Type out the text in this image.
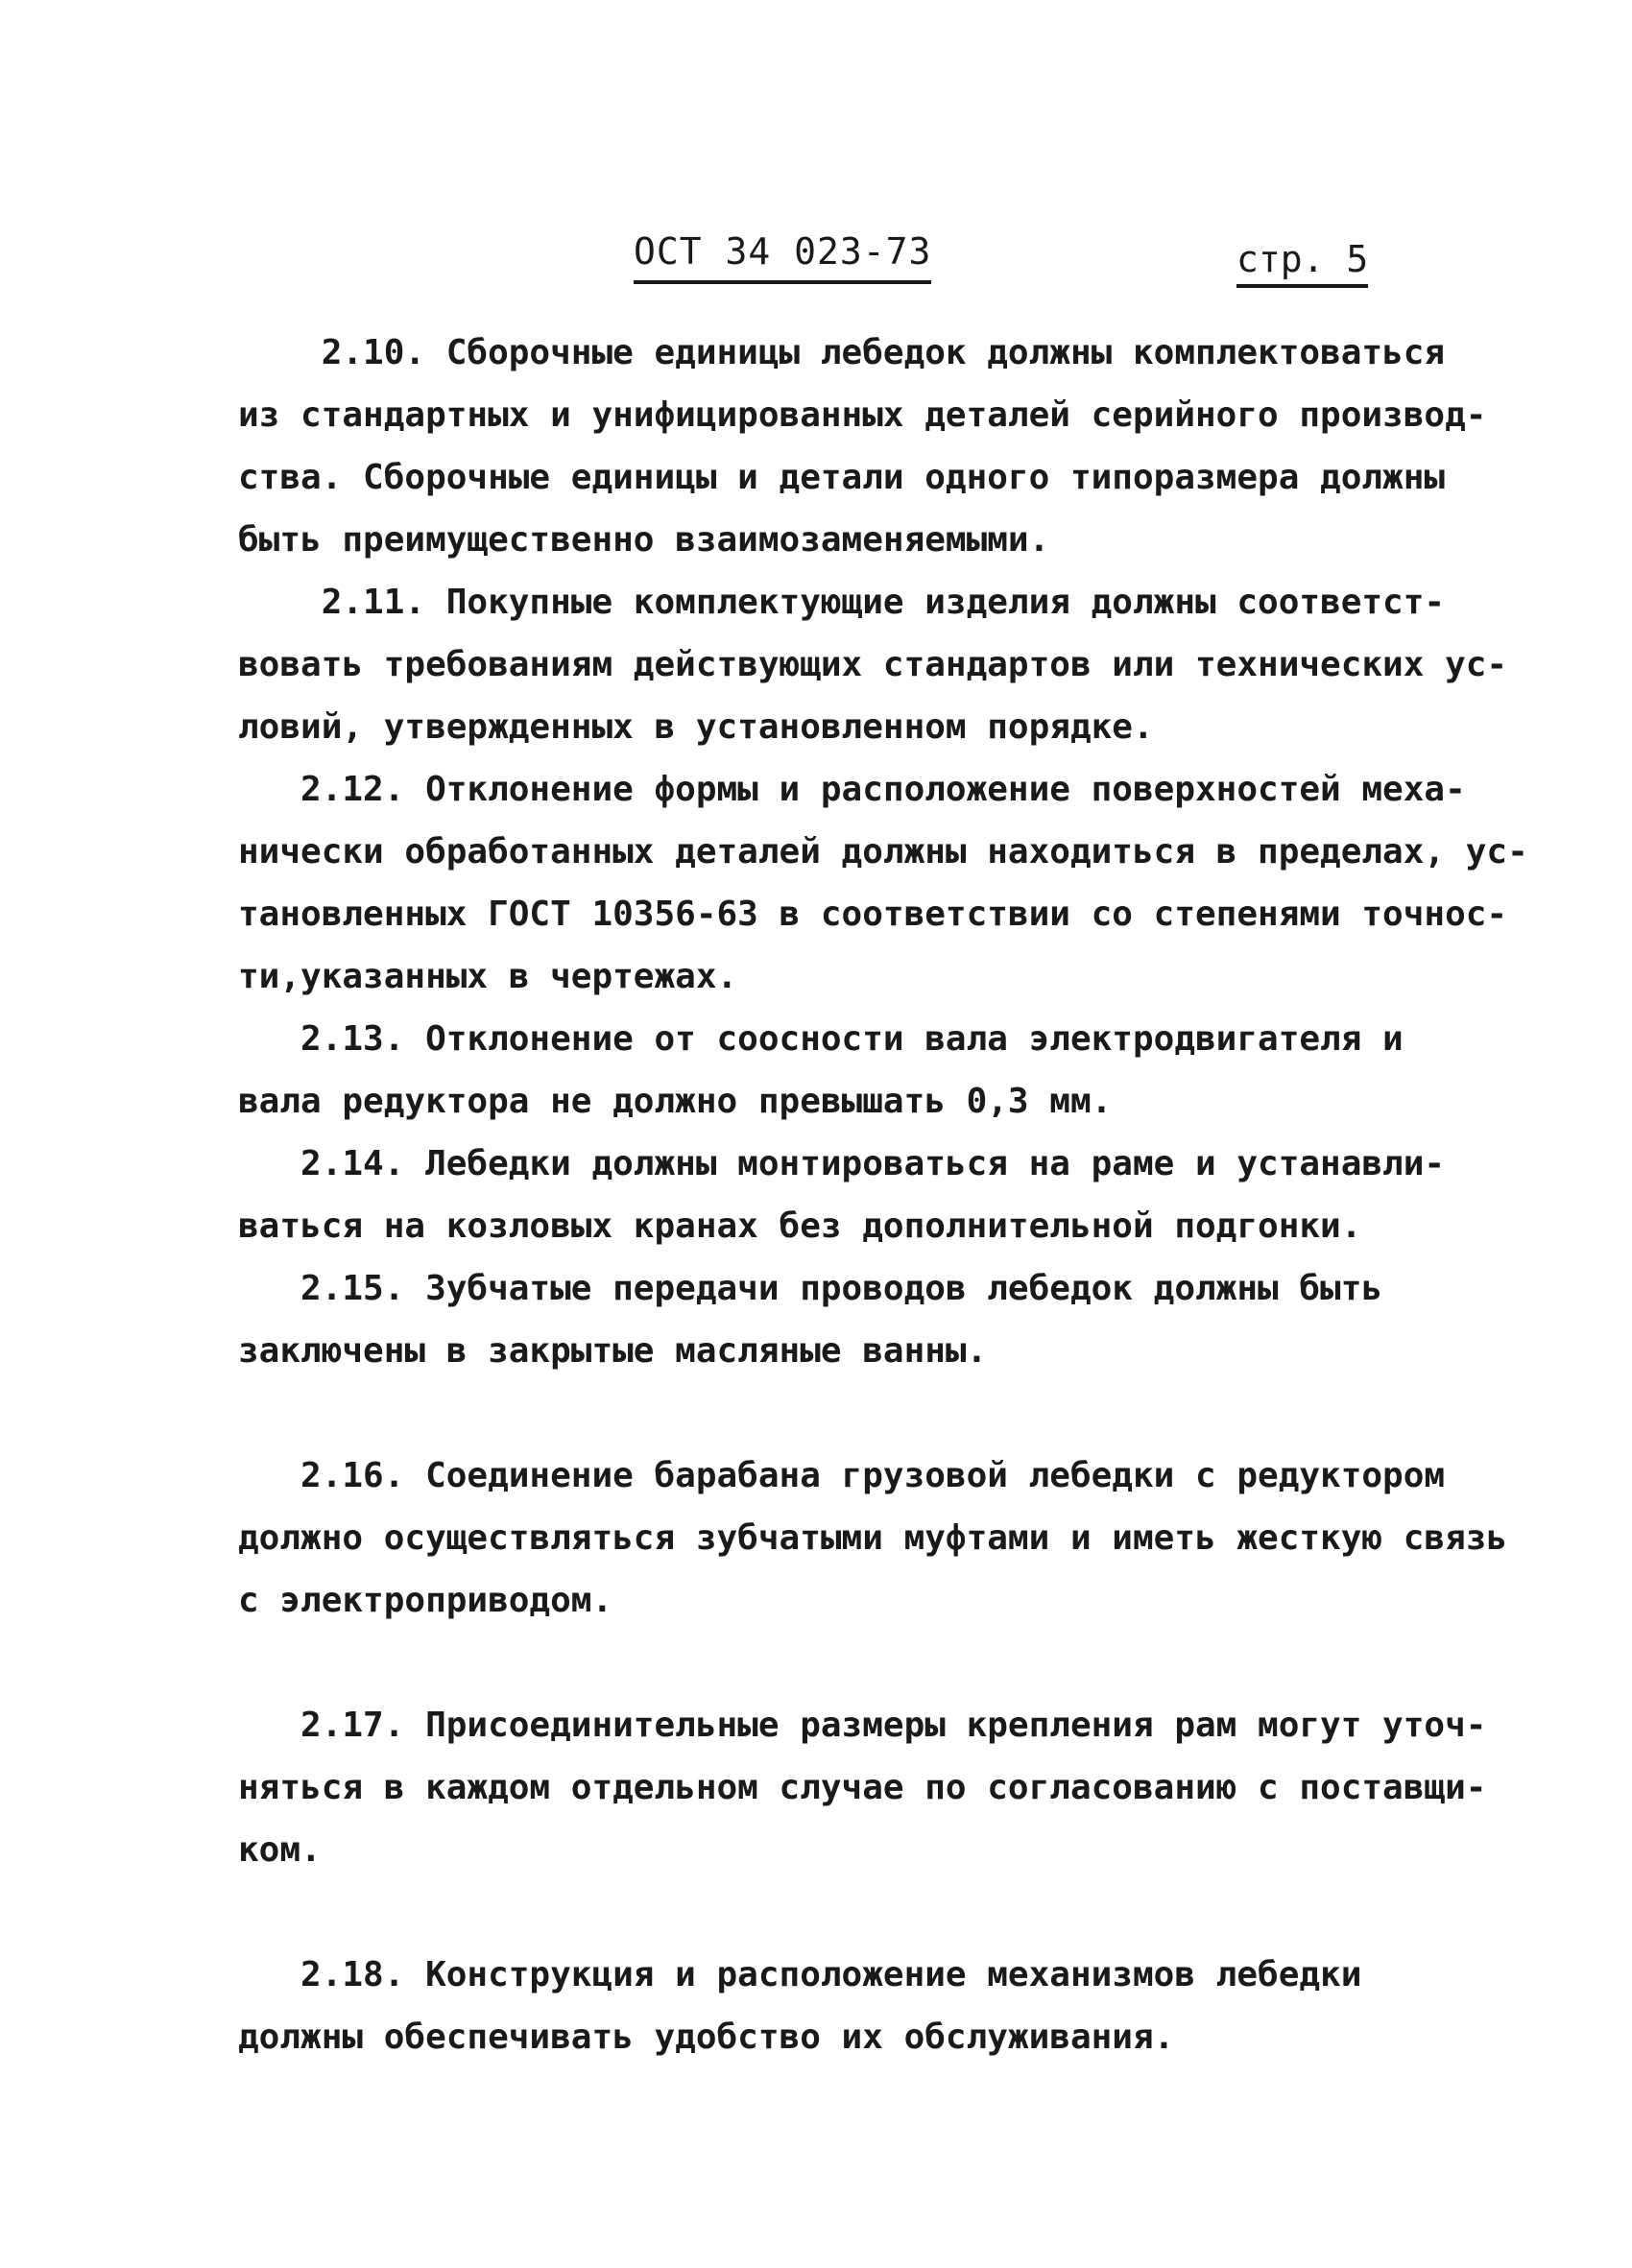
ОСТ 34 023-73	стр. 5
2.10. Сборочные единицы лебедок должны комплектоваться
из стандартных и унифицированных деталей серийного производ-
ства. Сборочные единицы и детали одного типоразмера должны
быть преимущественно взаимозаменяемыми.
2.11. Покупные комплектующие изделия должны соответст-
вовать требованиям действующих стандартов или технических ус-
ловий, утвержденных в установленном порядке.
2.12. Отклонение формы и расположение поверхностей меха-
нически обработанных деталей должны находиться в пределах, ус-
тановленных ГОСТ 10356-63 в соответствии со степенями точнос-
ти,указанных в чертежах.
2.13. Отклонение от соосности вала электродвигателя и
вала редуктора не должно превышать 0,3 мм.
2.14. Лебедки должны монтироваться на раме и устанавли-
ваться на козловых кранах без дополнительной подгонки.
2.15. Зубчатые передачи проводов лебедок должны быть
заключены в закрытые масляные ванны.
2.16. Соединение барабана грузовой лебедки с редуктором
должно осуществляться зубчатыми муфтами и иметь жесткую связь
с электроприводом.
2.17. Присоединительные размеры крепления рам могут уточ-
няться в каждом отдельном случае по согласованию с поставщи-
ком.
2.18. Конструкция и расположение механизмов лебедки
должны обеспечивать удобство их обслуживания.
